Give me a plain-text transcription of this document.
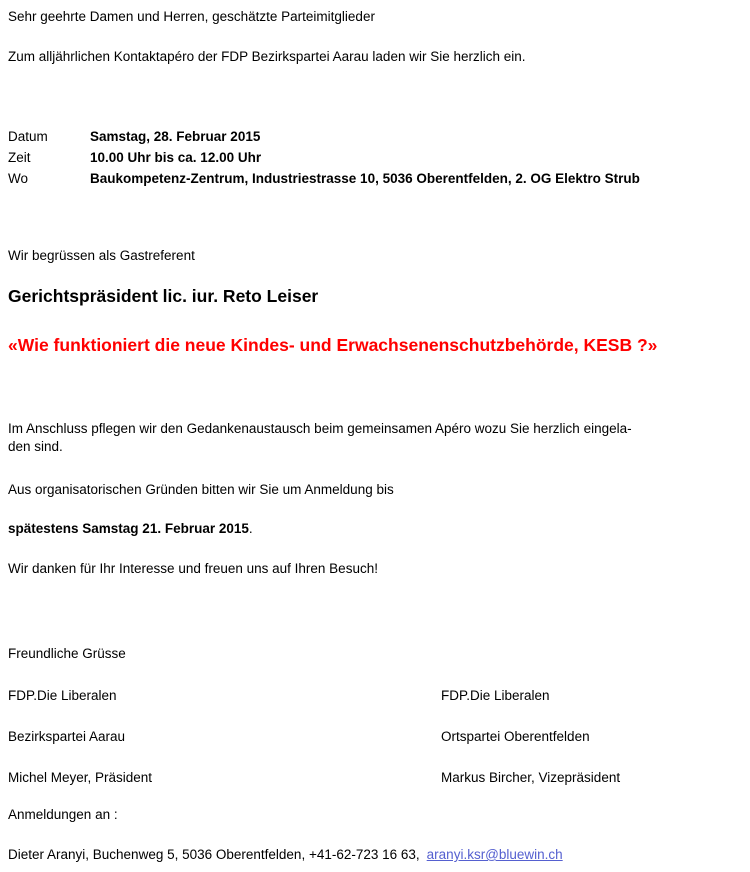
Sehr geehrte Damen und Herren, geschätzte Parteimitglieder
Zum alljährlichen Kontaktapéro der FDP Bezirkspartei Aarau laden wir Sie herzlich ein.
Datum	Samstag, 28. Februar 2015
Zeit	10.00 Uhr bis ca. 12.00 Uhr
Wo	Baukompetenz-Zentrum, Industriestrasse 10, 5036 Oberentfelden, 2. OG Elektro Strub
Wir begrüssen als Gastreferent
Gerichtspräsident lic. iur. Reto Leiser
«Wie funktioniert die neue Kindes- und Erwachsenenschutzbehörde, KESB ?»
Im Anschluss pflegen wir den Gedankenaustausch beim gemeinsamen Apéro wozu Sie herzlich eingela-
den sind.
Aus organisatorischen Gründen bitten wir Sie um Anmeldung bis
spätestens Samstag 21. Februar 2015.
Wir danken für Ihr Interesse und freuen uns auf Ihren Besuch!
Freundliche Grüsse
FDP.Die Liberalen	FDP.Die Liberalen
Bezirkspartei Aarau	Ortspartei Oberentfelden
Michel Meyer, Präsident	Markus Bircher, Vizepräsident
Anmeldungen an :
Dieter Aranyi, Buchenweg 5, 5036 Oberentfelden, +41-62-723 16 63, aranyi.ksr@bluewin.ch
